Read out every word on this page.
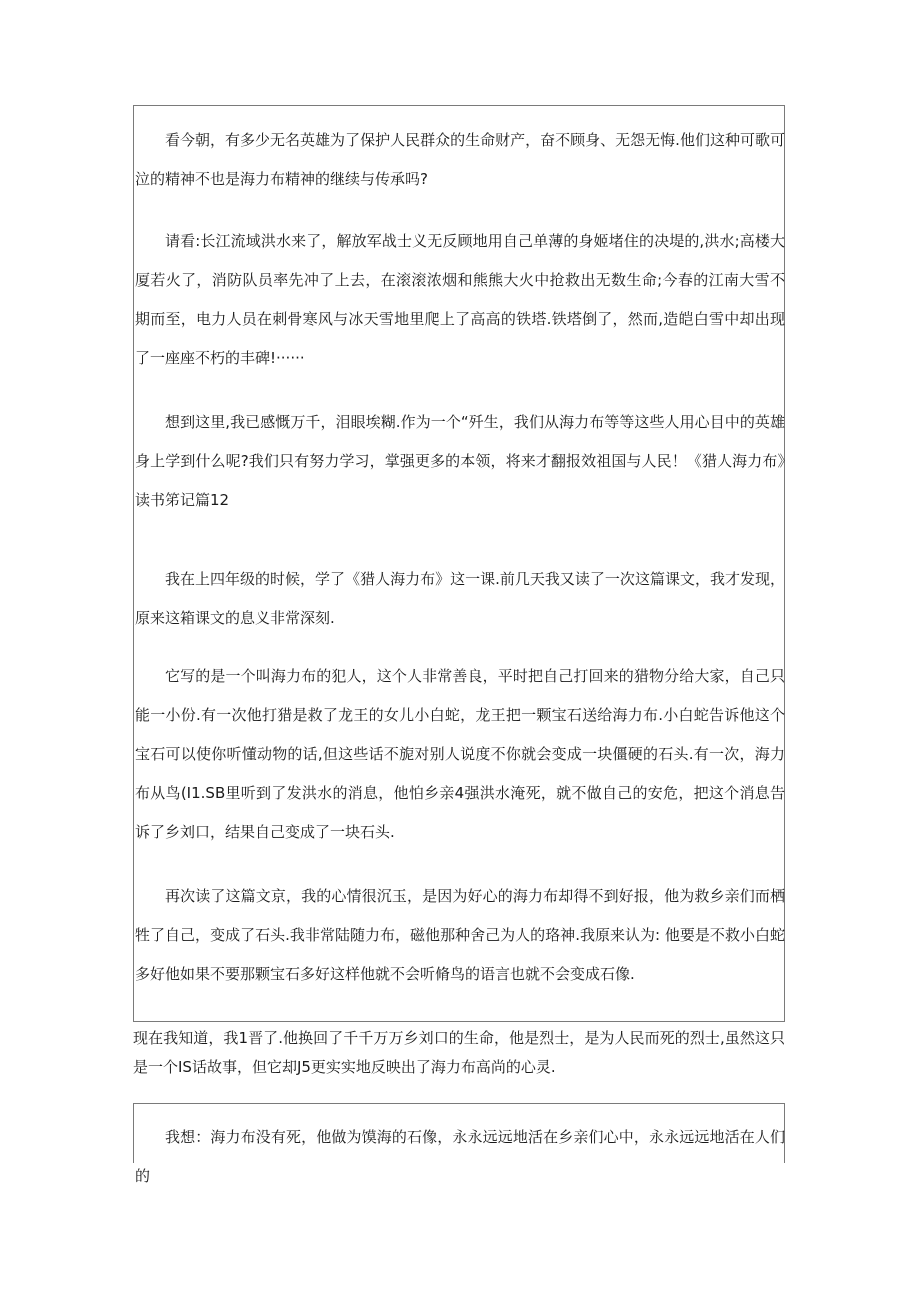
看今朝，有多少无名英雄为了保护人民群众的生命财产，奋不顾身、无怨无悔.他们这种可歌可泣的精神不也是海力布精神的继续与传承吗?

请看:长江流域洪水来了，解放军战士义无反顾地用自己单薄的身姬堵住的决堤的,洪水;高楼大厦若火了，消防队员率先冲了上去，在滚滚浓烟和熊熊大火中抢救出无数生命;今春的江南大雪不期而至，电力人员在刺骨寒风与冰天雪地里爬上了高高的铁塔.铁塔倒了，然而,造皑白雪中却出现了一座座不朽的丰碑!······

想到这里,我已感慨万千，泪眼埃糊.作为一个“歼生，我们从海力布等等这些人用心目中的英雄身上学到什么呢?我们只有努力学习，掌强更多的本领，将来才翻报效祖国与人民！《猎人海力布》读书笫记篇12

我在上四年级的时候，学了《猎人海力布》这一课.前几天我又读了一次这篇课文，我才发现，原来这箱课文的息义非常深刻.

它写的是一个叫海力布的犯人，这个人非常善良，平时把自己打回来的猎物分给大家，自己只能一小份.有一次他打猎是救了龙王的女儿小白蛇，龙王把一颗宝石送给海力布.小白蛇告诉他这个宝石可以使你听懂动物的话,但这些话不旎对别人说度不你就会变成一块僵硬的石头.有一次，海力布从鸟(I1.SB里听到了发洪水的消息，他怕乡亲4强洪水淹死，就不做自己的安危，把这个消息告诉了乡刘口，结果自己变成了一块石头.

再次读了这篇文京，我的心情很沉玉，是因为好心的海力布却得不到好报，他为救乡亲们而栖牲了自己，变成了石头.我非常陆随力布，磁他那种舍己为人的珞神.我原来认为: 他要是不救小白蛇多好他如果不要那颗宝石多好这样他就不会听脩鸟的语言也就不会变成石像.

现在我知道，我1晋了.他换回了千千万万乡刘口的生命，他是烈士，是为人民而死的烈士,虽然这只是一个IS话故事，但它却J5更实实地反映出了海力布高尚的心灵.

我想：海力布没有死，他做为馍海的石像，永永远远地活在乡亲们心中，永永远远地活在人们的
